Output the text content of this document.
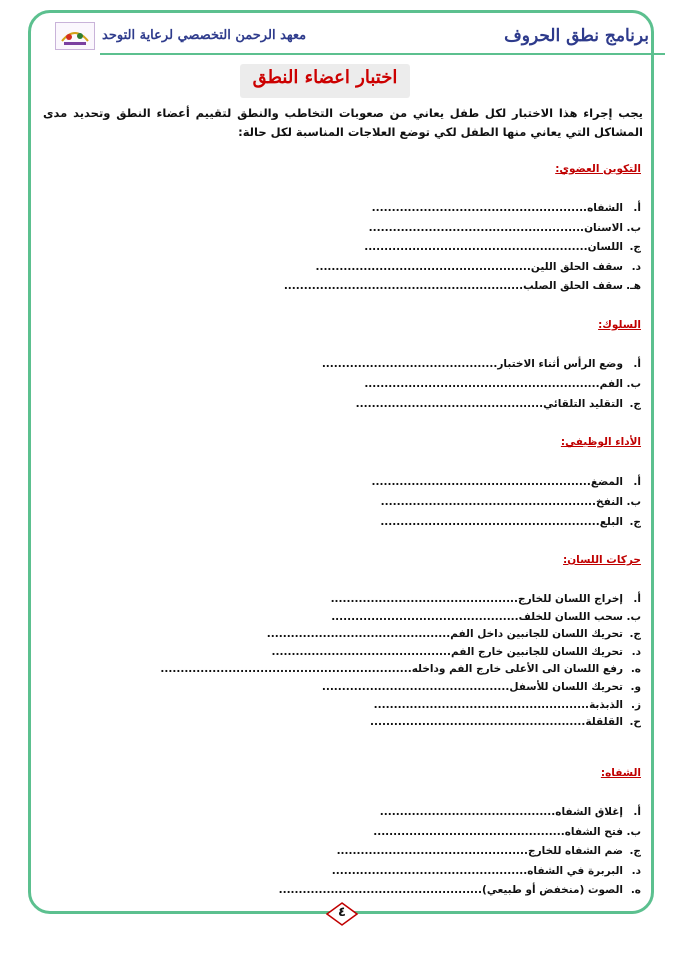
برنامج نطق الحروف
معهد الرحمن التخصصي لرعاية التوحد
اختبار اعضاء النطق
يجب إجراء هذا الاختبار لكل طفل يعاني من صعوبات التخاطب والنطق لتقييم أعضاء النطق وتحديد مدى المشاكل التي يعاني منها الطفل لكي توضع العلاجات المناسبة لكل حالة:
التكوين العضوي:
أ.الشفاه......................................................
ب.الاسنان......................................................
ج.اللسان........................................................
د.سقف الحلق اللين......................................................
هـ.سقف الحلق الصلب............................................................
السلوك:
أ.وضع الرأس أثناء الاختبار............................................
ب.الفم...........................................................
ج.التقليد التلقائي...............................................
الأداء الوظيفي:
أ.المضغ.......................................................
ب.النفخ......................................................
ج.البلع.......................................................
حركات اللسان:
أ.إخراج اللسان للخارج...............................................
ب.سحب اللسان للخلف...............................................
ج.تحريك اللسان للجانبين داخل الفم..............................................
د.تحريك اللسان للجانبين خارج الفم.............................................
ه.رفع اللسان الى الأعلى خارج الفم وداخله...............................................................
و.تحريك اللسان للأسفل...............................................
ز.الذبذبة......................................................
ح.القلقلة......................................................
الشفاه:
أ.إغلاق الشفاه............................................
ب.فتح الشفاه................................................
ج.ضم الشفاه للخارج................................................
د.البربرة في الشفاه.................................................
ه.الصوت (منخفض أو طبيعي)...................................................
٤
